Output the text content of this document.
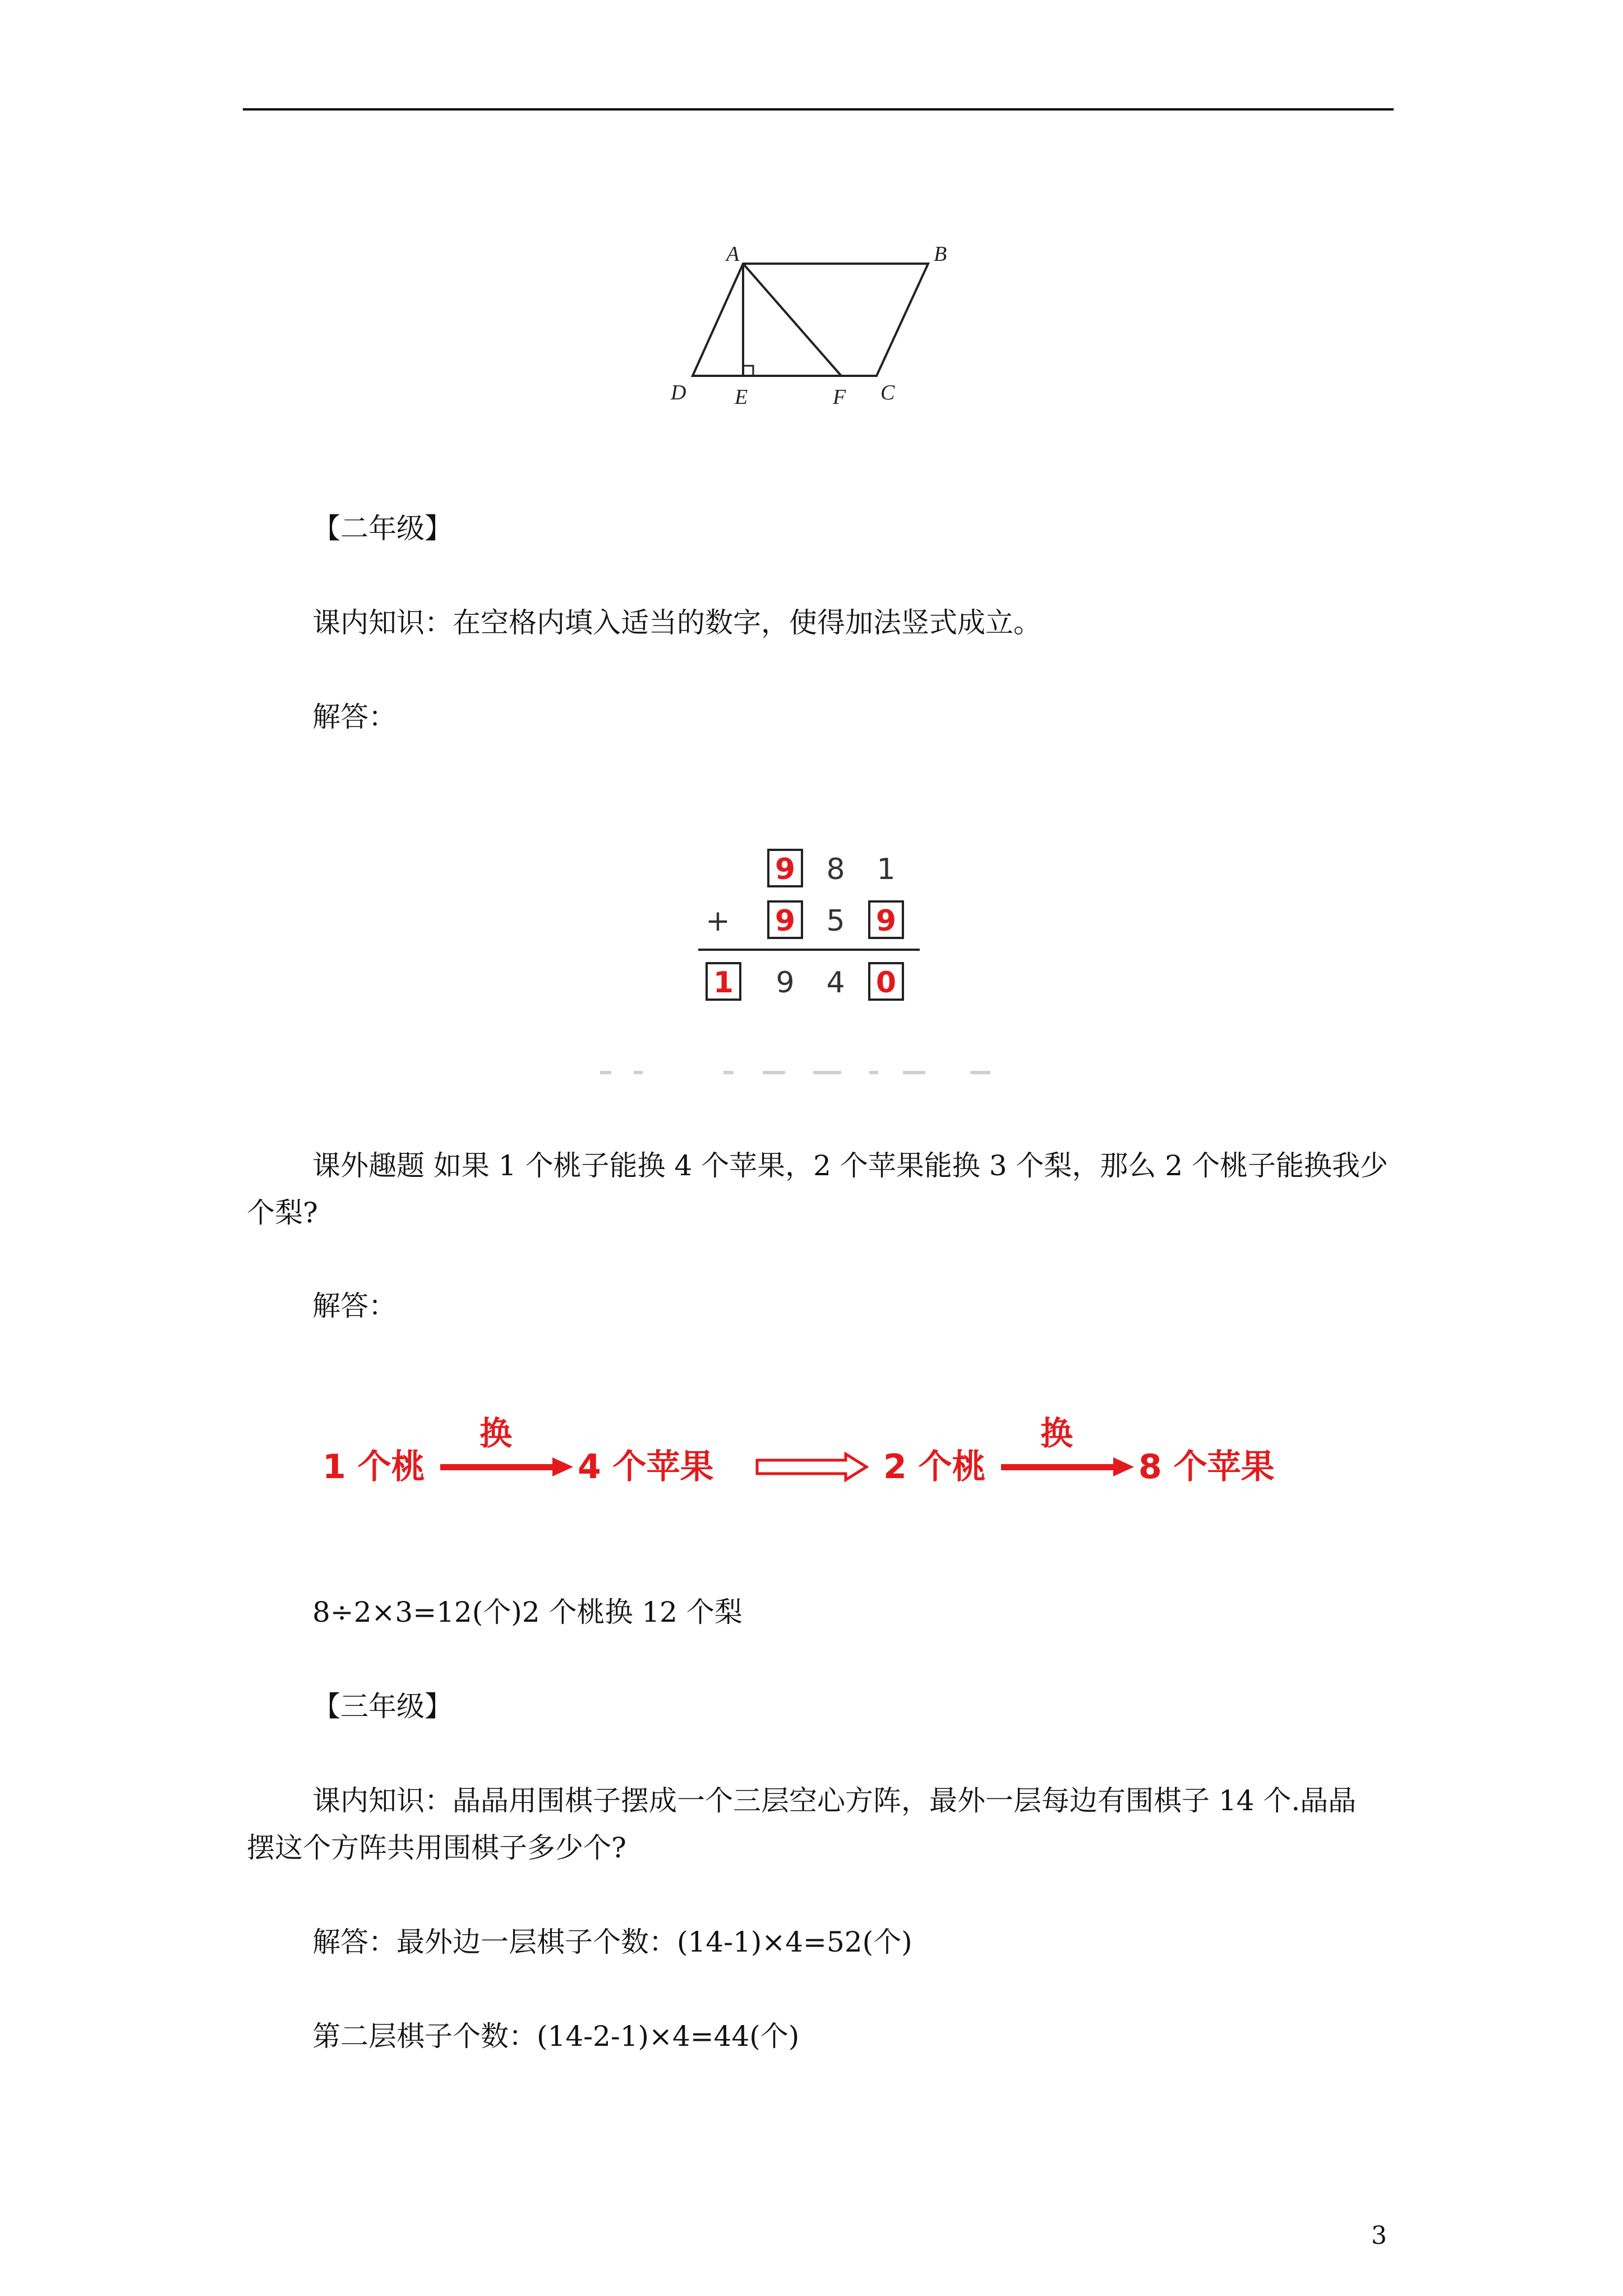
A	B
C
D E	F
【二年级】
课内知识：在空格内填入适当的数字，使得加法竖式成立。
解答：
9 8 1
+ 9 5 9
1 9 4 0
课外趣题 如果 1 个桃子能换 4 个苹果，2 个苹果能换 3 个梨，那么 2 个桃子能换我少
个梨?
解答：
1 个桃
换
4 个苹果	2 个桃
换
8 个苹果
8÷2×3=12(个)2 个桃换 12 个梨
【三年级】
课内知识：晶晶用围棋子摆成一个三层空心方阵，最外一层每边有围棋子 14 个.晶晶
摆这个方阵共用围棋子多少个?
解答：最外边一层棋子个数：(14-1)×4=52(个)
第二层棋子个数：(14-2-1)×4=44(个)
3
